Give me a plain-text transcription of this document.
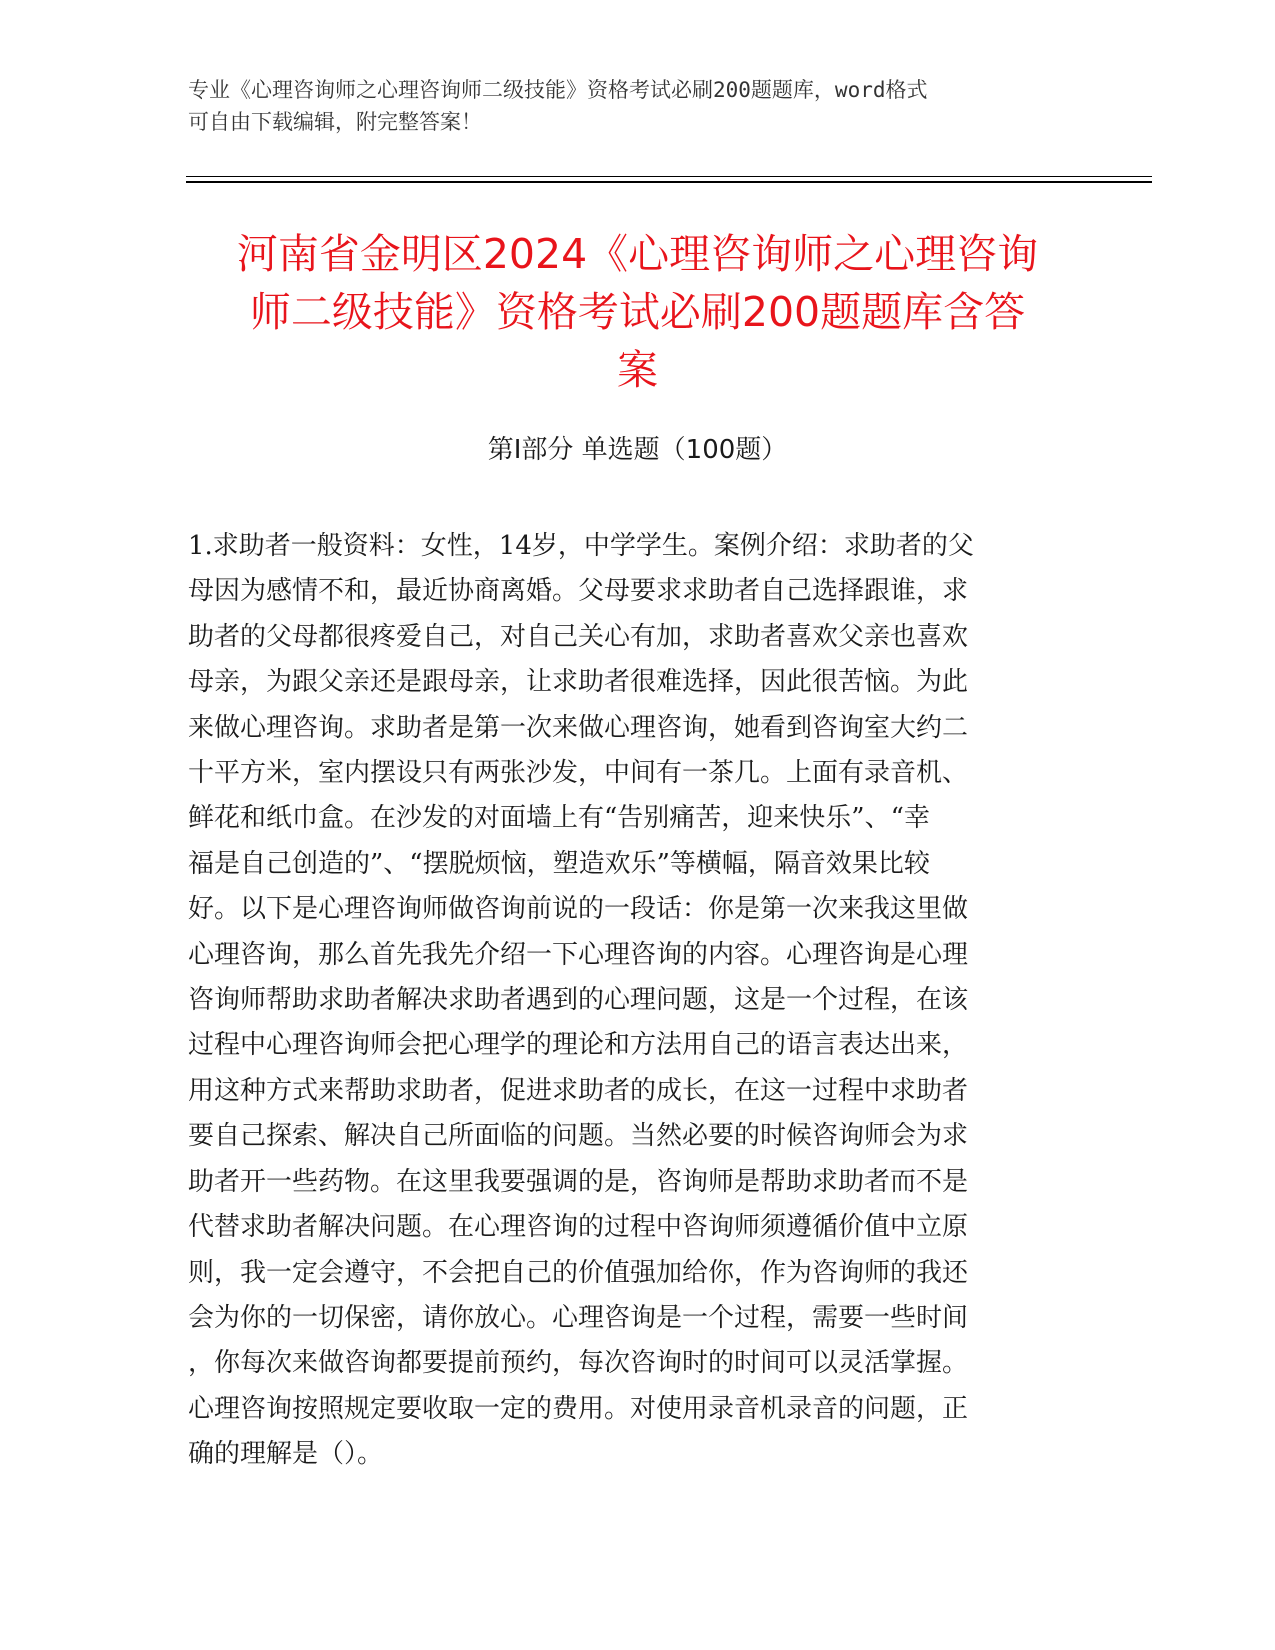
专业《心理咨询师之心理咨询师二级技能》资格考试必刷200题题库，word格式
可自由下载编辑，附完整答案！
河南省金明区2024《心理咨询师之心理咨询
师二级技能》资格考试必刷200题题库含答
案
第I部分 单选题（100题）
1.求助者一般资料：女性，14岁，中学学生。案例介绍：求助者的父
母因为感情不和，最近协商离婚。父母要求求助者自己选择跟谁，求
助者的父母都很疼爱自己，对自己关心有加，求助者喜欢父亲也喜欢
母亲，为跟父亲还是跟母亲，让求助者很难选择，因此很苦恼。为此
来做心理咨询。求助者是第一次来做心理咨询，她看到咨询室大约二
十平方米，室内摆设只有两张沙发，中间有一茶几。上面有录音机、
鲜花和纸巾盒。在沙发的对面墙上有“告别痛苦，迎来快乐”、“幸
福是自己创造的”、“摆脱烦恼，塑造欢乐”等横幅，隔音效果比较
好。以下是心理咨询师做咨询前说的一段话：你是第一次来我这里做
心理咨询，那么首先我先介绍一下心理咨询的内容。心理咨询是心理
咨询师帮助求助者解决求助者遇到的心理问题，这是一个过程，在该
过程中心理咨询师会把心理学的理论和方法用自己的语言表达出来，
用这种方式来帮助求助者，促进求助者的成长，在这一过程中求助者
要自己探索、解决自己所面临的问题。当然必要的时候咨询师会为求
助者开一些药物。在这里我要强调的是，咨询师是帮助求助者而不是
代替求助者解决问题。在心理咨询的过程中咨询师须遵循价值中立原
则，我一定会遵守，不会把自己的价值强加给你，作为咨询师的我还
会为你的一切保密，请你放心。心理咨询是一个过程，需要一些时间
，你每次来做咨询都要提前预约，每次咨询时的时间可以灵活掌握。
心理咨询按照规定要收取一定的费用。对使用录音机录音的问题，正
确的理解是（）。
